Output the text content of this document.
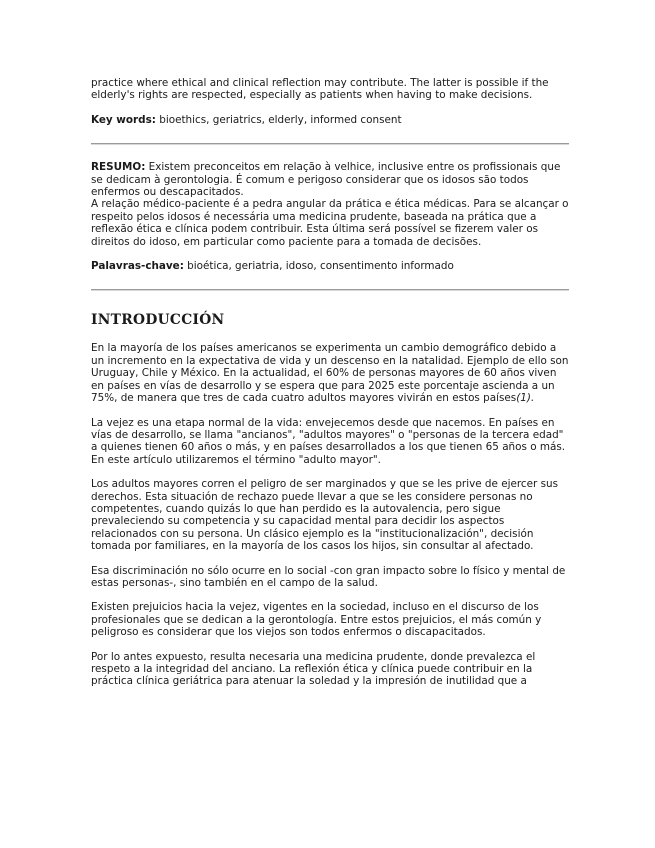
practice where ethical and clinical reflection may contribute. The latter is possible if the elderly's rights are respected, especially as patients when having to make decisions.

Key words: bioethics, geriatrics, elderly, informed consent

RESUMO: Existem preconceitos em relação à velhice, inclusive entre os profissionais que se dedicam à gerontologia. É comum e perigoso considerar que os idosos são todos enfermos ou descapacitados.

A relação médico-paciente é a pedra angular da prática e ética médicas. Para se alcançar o respeito pelos idosos é necessária uma medicina prudente, baseada na prática que a reflexão ética e clínica podem contribuir. Esta última será possível se fizerem valer os direitos do idoso, em particular como paciente para a tomada de decisões.

Palavras-chave: bioética, geriatria, idoso, consentimento informado

INTRODUCCIÓN

En la mayoría de los países americanos se experimenta un cambio demográfico debido a un incremento en la expectativa de vida y un descenso en la natalidad. Ejemplo de ello son Uruguay, Chile y México. En la actualidad, el 60% de personas mayores de 60 años viven en países en vías de desarrollo y se espera que para 2025 este porcentaje ascienda a un 75%, de manera que tres de cada cuatro adultos mayores vivirán en estos países(1).

La vejez es una etapa normal de la vida: envejecemos desde que nacemos. En países en vías de desarrollo, se llama "ancianos", "adultos mayores" o "personas de la tercera edad" a quienes tienen 60 años o más, y en países desarrollados a los que tienen 65 años o más. En este artículo utilizaremos el término "adulto mayor".

Los adultos mayores corren el peligro de ser marginados y que se les prive de ejercer sus derechos. Esta situación de rechazo puede llevar a que se les considere personas no competentes, cuando quizás lo que han perdido es la autovalencia, pero sigue prevaleciendo su competencia y su capacidad mental para decidir los aspectos relacionados con su persona. Un clásico ejemplo es la "institucionalización", decisión tomada por familiares, en la mayoría de los casos los hijos, sin consultar al afectado.

Esa discriminación no sólo ocurre en lo social -con gran impacto sobre lo físico y mental de estas personas-, sino también en el campo de la salud.

Existen prejuicios hacia la vejez, vigentes en la sociedad, incluso en el discurso de los profesionales que se dedican a la gerontología. Entre estos prejuicios, el más común y peligroso es considerar que los viejos son todos enfermos o discapacitados.

Por lo antes expuesto, resulta necesaria una medicina prudente, donde prevalezca el respeto a la integridad del anciano. La reflexión ética y clínica puede contribuir en la práctica clínica geriátrica para atenuar la soledad y la impresión de inutilidad que a
